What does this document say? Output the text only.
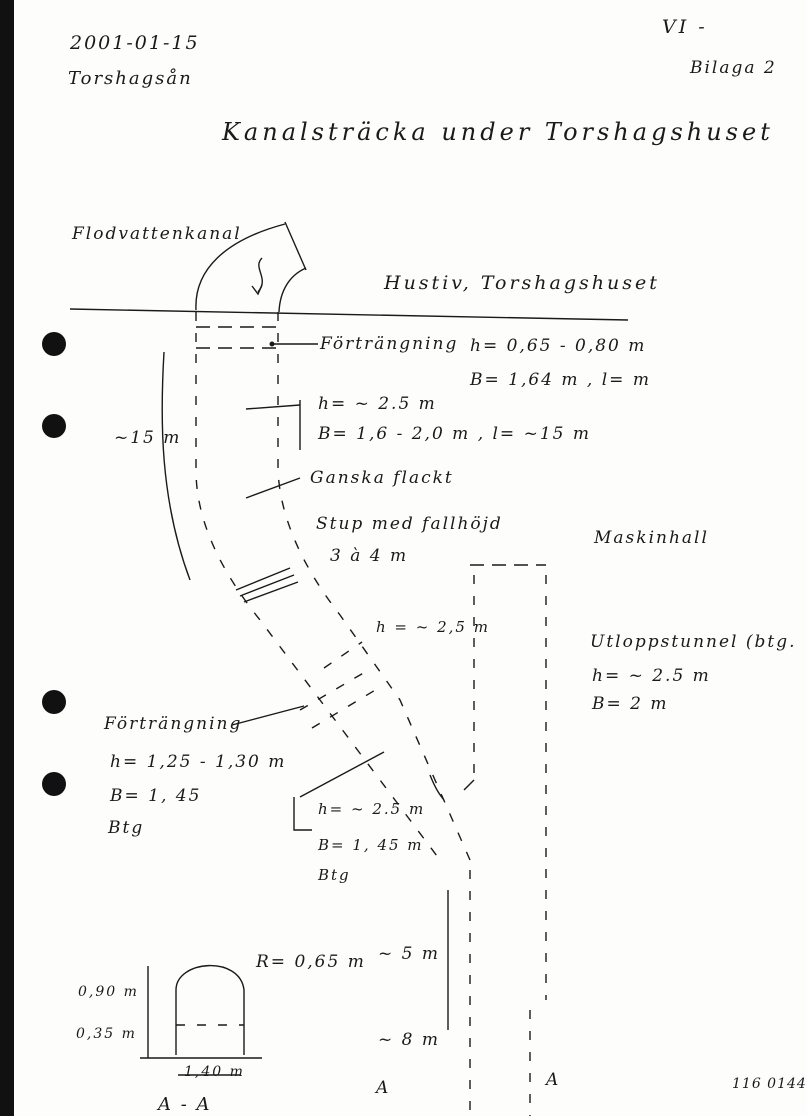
2001-01-15
Torshagsån
VI -
Bilaga 2
Kanalsträcka under Torshagshuset
Flodvattenkanal
Hustiv, Torshagshuset
Förträngning h= 0,65 - 0,80 m
B= 1,64 m , l= m
h= ~ 2.5 m
B= 1,6 - 2,0 m , l= ~15 m
~15 m
Ganska flackt
Stup med fallhöjd
3 à 4 m
Maskinhall
h = ~ 2,5 m
Utloppstunnel (btg.
h= ~ 2.5 m
B= 2 m
Förträngning
h= 1,25 - 1,30 m
B= 1, 45
Btg
h= ~ 2.5 m
B= 1, 45 m
Btg
R= 0,65 m ~ 5 m
~ 8 m
0,90 m
0,35 m
1,40 m
A - A
A	A	116 0144
